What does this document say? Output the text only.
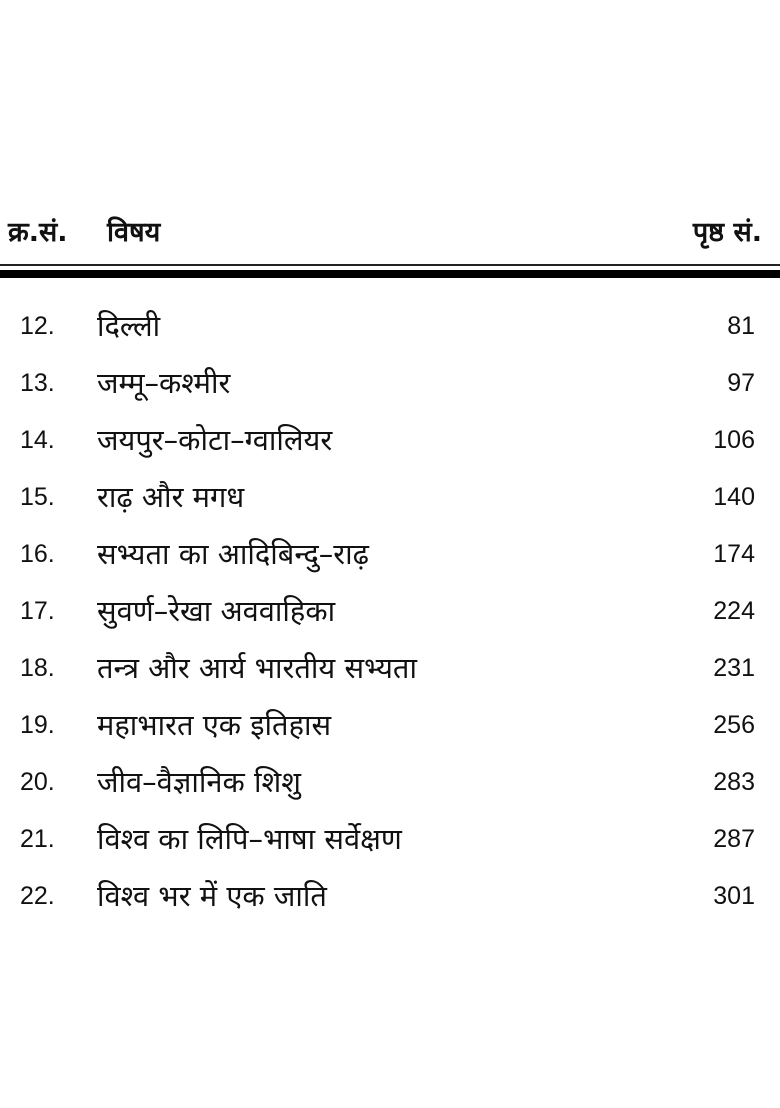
क्र.सं. विषय	पृष्ठ सं.
12. दिल्ली	81
13. जम्मू–कश्मीर	97
14. जयपुर–कोटा–ग्वालियर	106
15. राढ़ और मगध	140
16. सभ्यता का आदिबिन्दु–राढ़	174
17. सुवर्ण–रेखा अववाहिका	224
18. तन्त्र और आर्य भारतीय सभ्यता	231
19. महाभारत एक इतिहास	256
20. जीव–वैज्ञानिक शिशु	283
21. विश्व का लिपि–भाषा सर्वेक्षण	287
22. विश्व भर में एक जाति	301
